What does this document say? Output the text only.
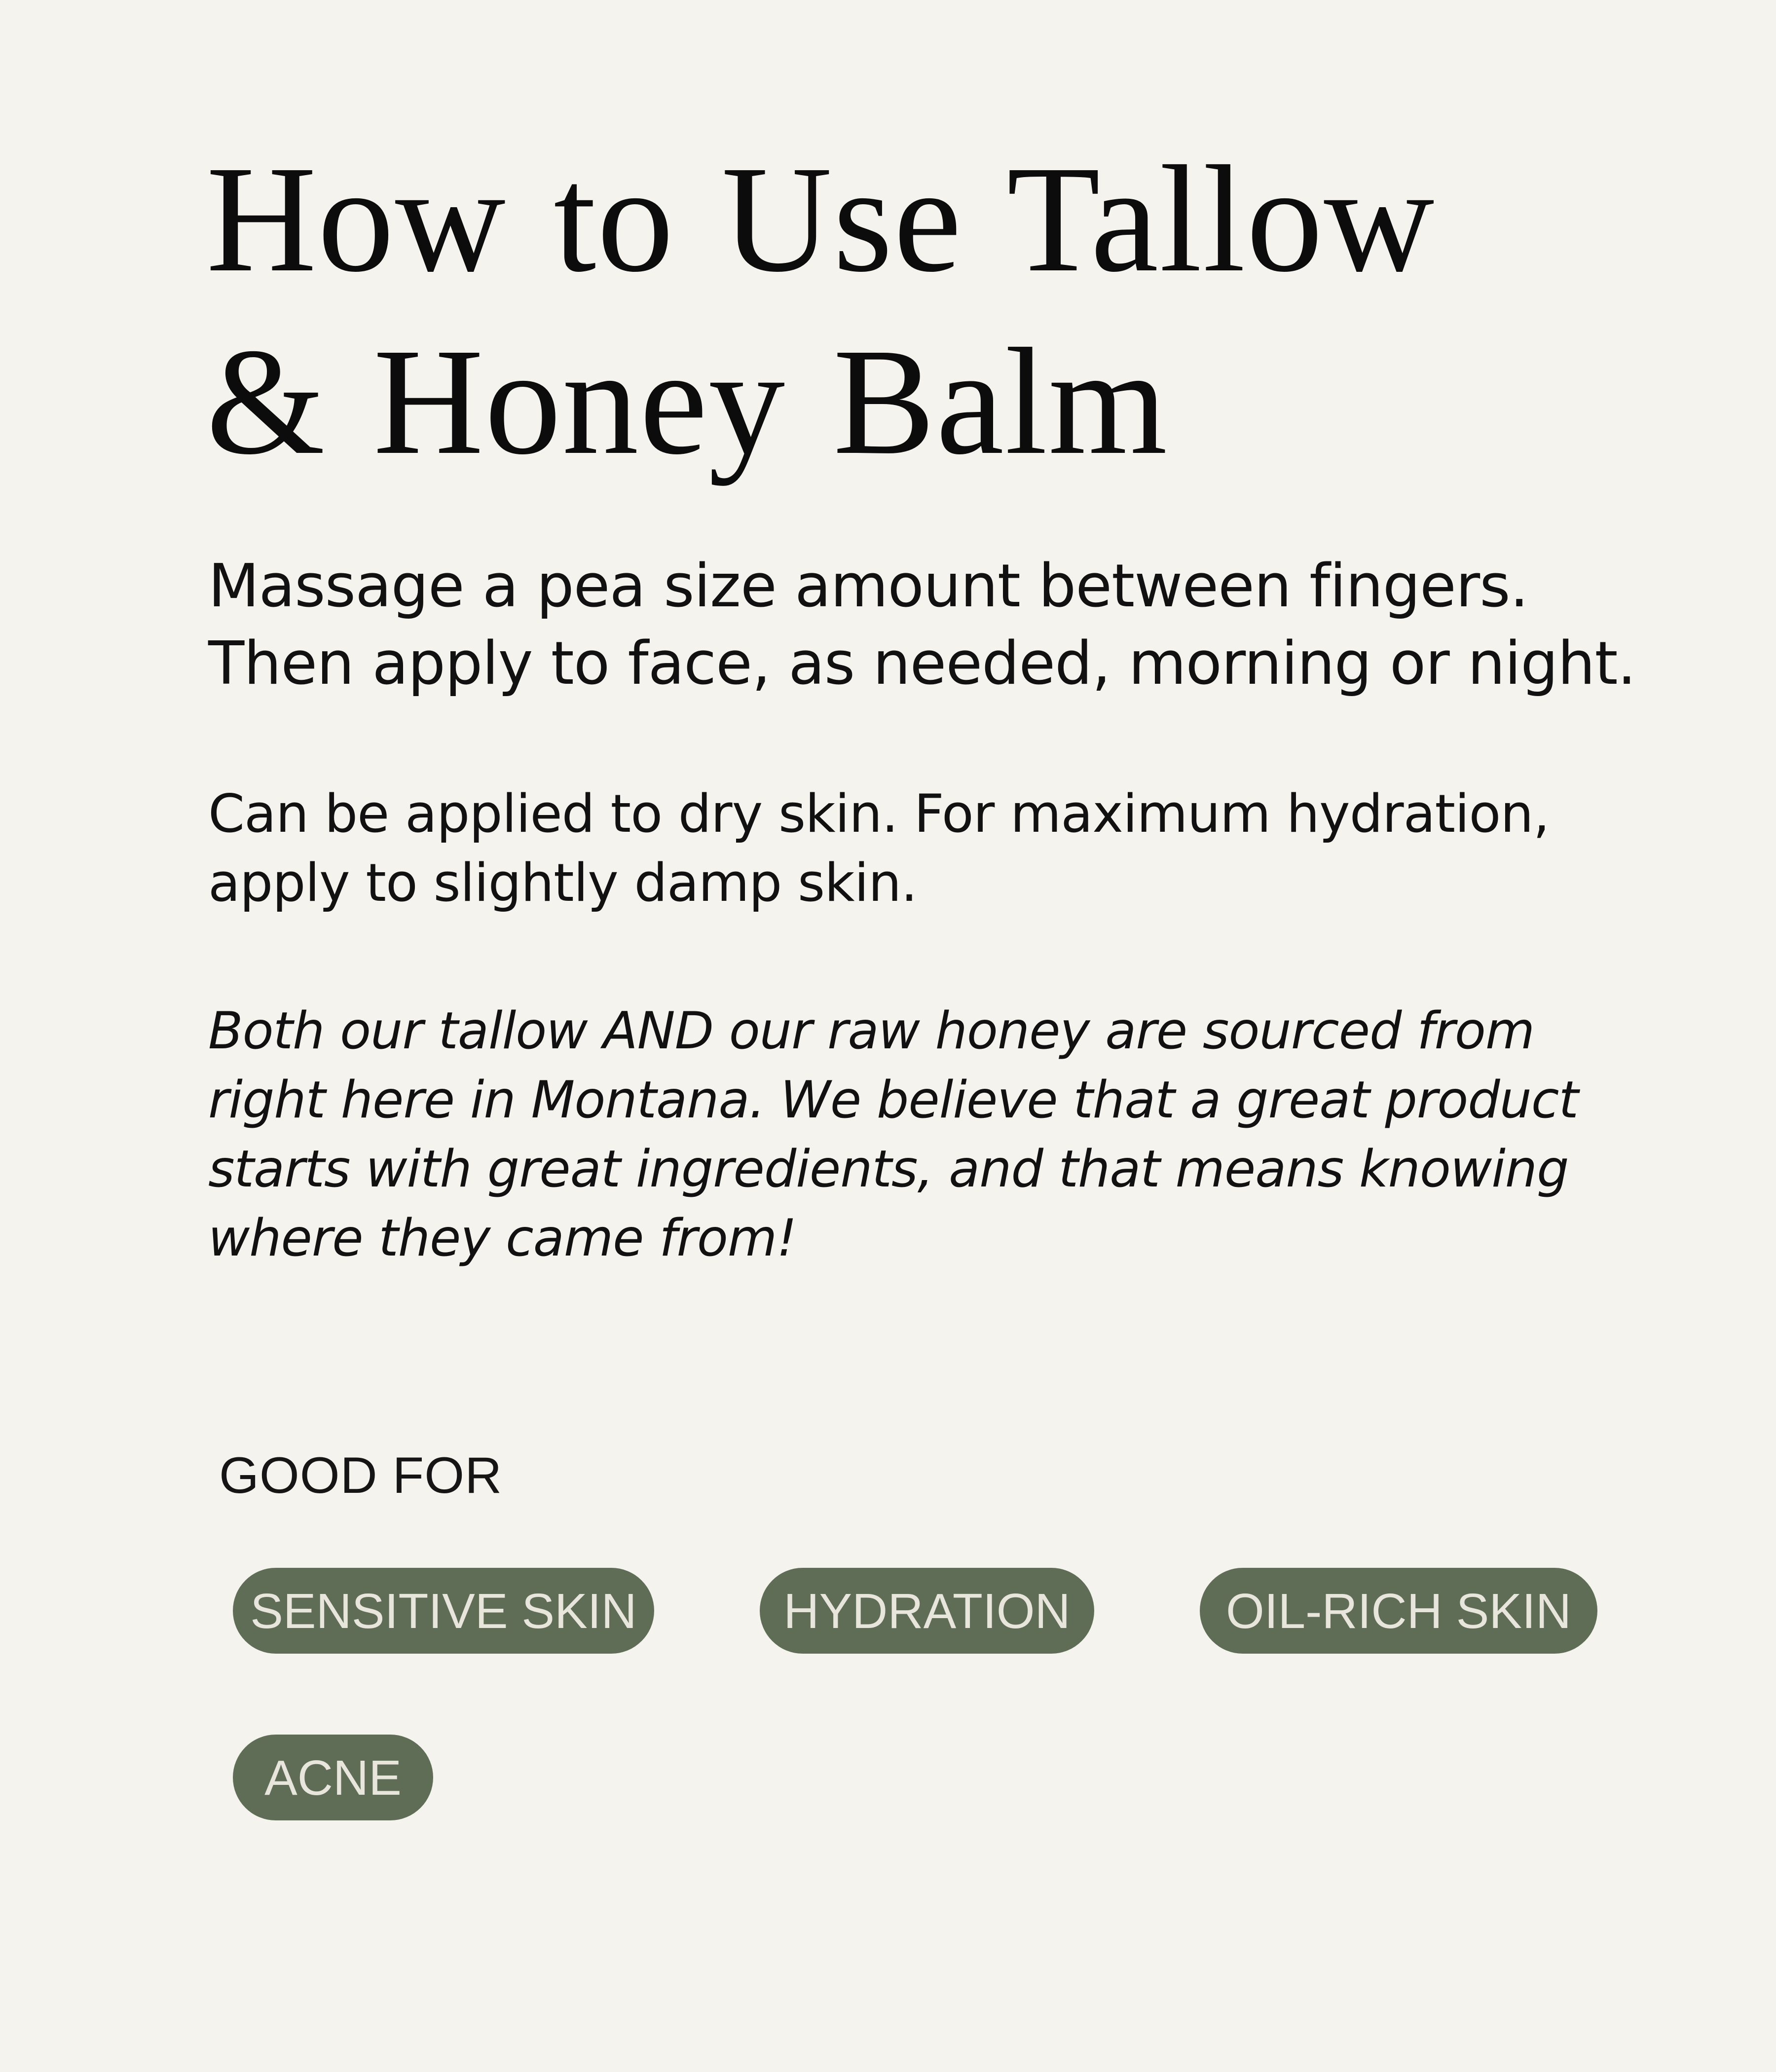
How to Use Tallow
& Honey Balm

Massage a pea size amount between fingers.
Then apply to face, as needed, morning or night.

Can be applied to dry skin. For maximum hydration,
apply to slightly damp skin.

Both our tallow AND our raw honey are sourced from
right here in Montana. We believe that a great product
starts with great ingredients, and that means knowing
where they came from!

GOOD FOR
SENSITIVE SKIN	HYDRATION	OIL-RICH SKIN
ACNE
